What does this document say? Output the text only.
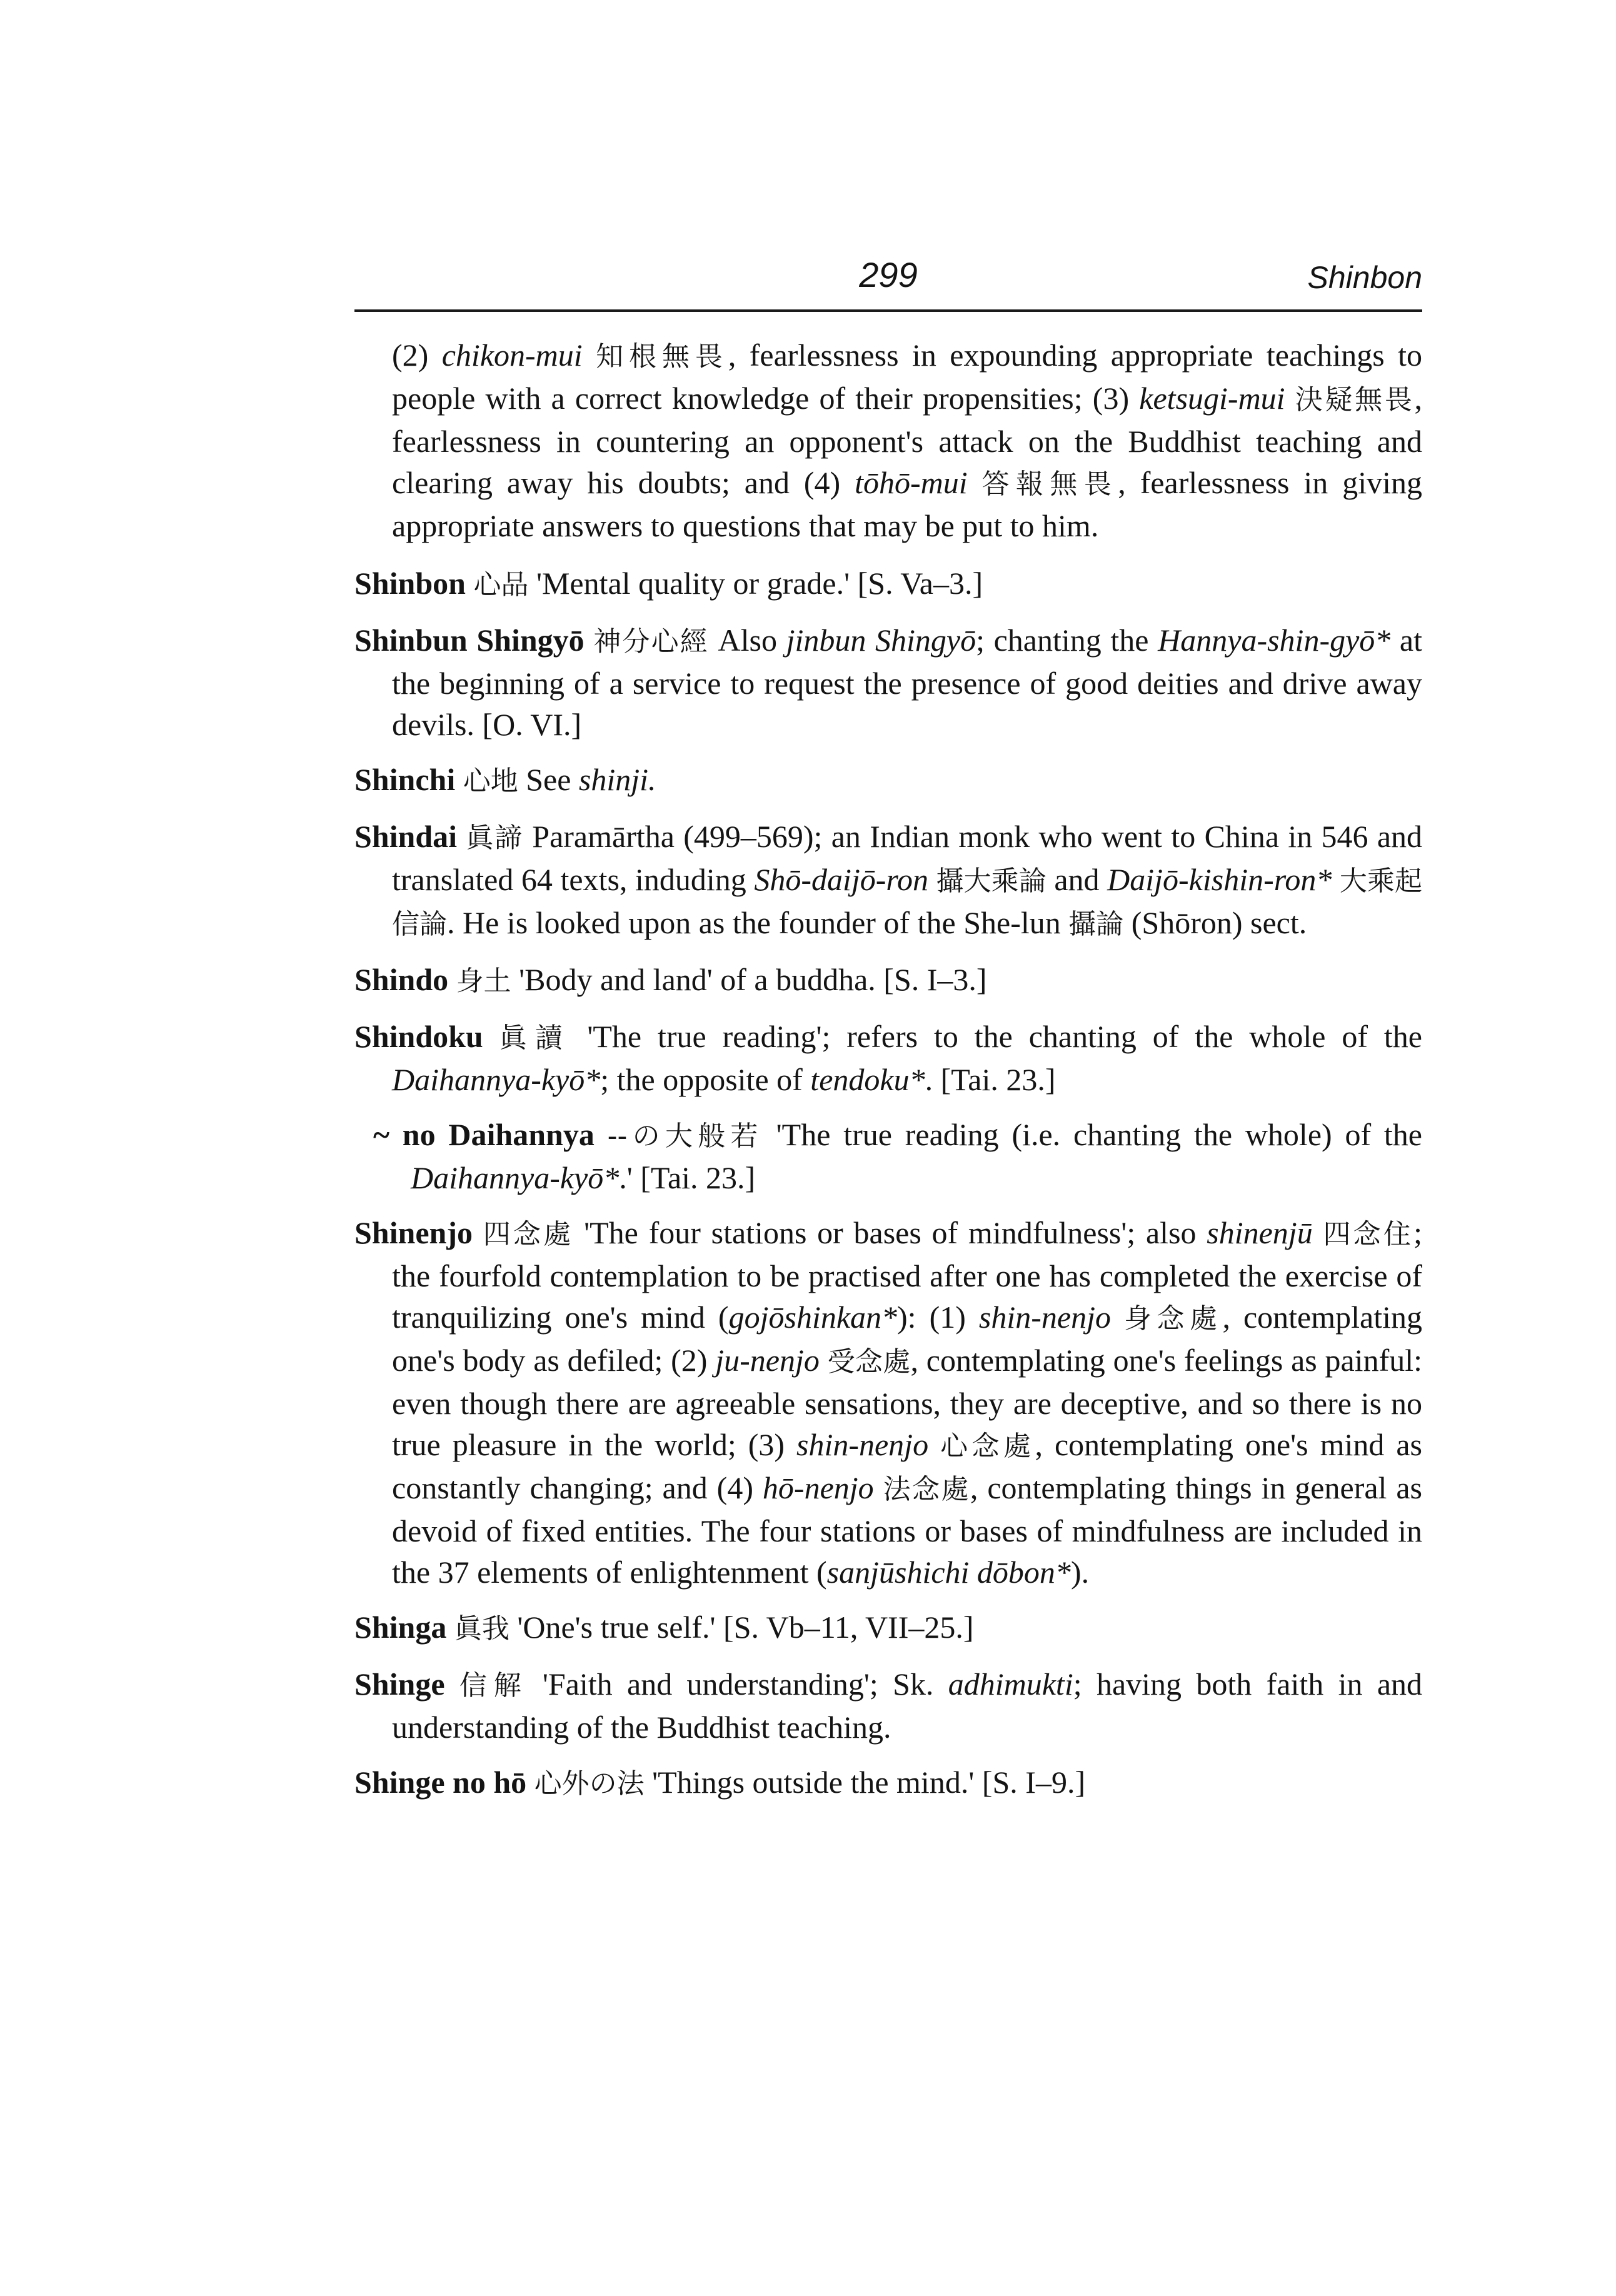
299	Shinbon

(2) chikon-mui 知根無畏, fearlessness in expounding appropriate teachings to people with a correct knowledge of their propensities; (3) ketsugi-mui 決疑無畏, fearlessness in countering an opponent's attack on the Buddhist teaching and clearing away his doubts; and (4) tōhō-mui 答報無畏, fearlessness in giving appropriate answers to questions that may be put to him.

Shinbon 心品 'Mental quality or grade.' [S. Va–3.]

Shinbun Shingyō 神分心經 Also jinbun Shingyō; chanting the Hannya-shin-gyō* at the beginning of a service to request the presence of good deities and drive away devils. [O. VI.]

Shinchi 心地 See shinji.

Shindai 眞諦 Paramārtha (499–569); an Indian monk who went to China in 546 and translated 64 texts, induding Shō-daijō-ron 攝大乘論 and Daijō-kishin-ron* 大乘起信論. He is looked upon as the founder of the She-lun 攝論 (Shōron) sect.

Shindo 身土 'Body and land' of a buddha. [S. I–3.]

Shindoku 眞讀 'The true reading'; refers to the chanting of the whole of the Daihannya-kyō*; the opposite of tendoku*. [Tai. 23.]

~ no Daihannya --の大般若 'The true reading (i.e. chanting the whole) of the Daihannya-kyō*.' [Tai. 23.]

Shinenjo 四念處 'The four stations or bases of mindfulness'; also shinenjū 四念住; the fourfold contemplation to be practised after one has completed the exercise of tranquilizing one's mind (gojōshinkan*): (1) shin-nenjo 身念處, contemplating one's body as defiled; (2) ju-nenjo 受念處, contemplating one's feelings as painful: even though there are agreeable sensations, they are deceptive, and so there is no true pleasure in the world; (3) shin-nenjo 心念處, contemplating one's mind as constantly changing; and (4) hō-nenjo 法念處, contemplating things in general as devoid of fixed entities. The four stations or bases of mindfulness are included in the 37 elements of enlightenment (sanjūshichi dōbon*).

Shinga 眞我 'One's true self.' [S. Vb–11, VII–25.]

Shinge 信解 'Faith and understanding'; Sk. adhimukti; having both faith in and understanding of the Buddhist teaching.

Shinge no hō 心外の法 'Things outside the mind.' [S. I–9.]
